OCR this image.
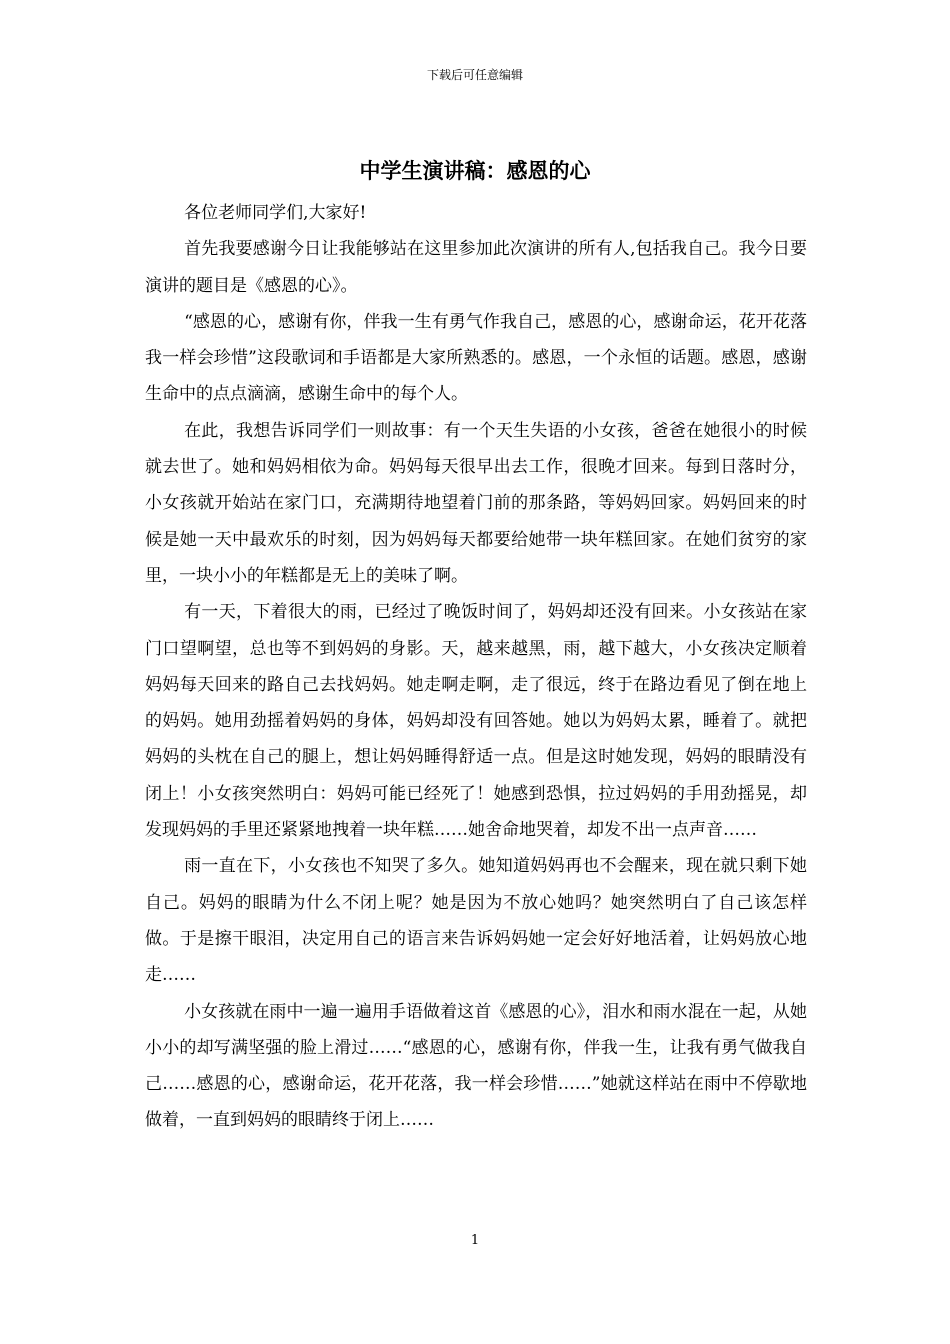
下载后可任意编辑
中学生演讲稿：感恩的心

各位老师同学们,大家好!

首先我要感谢今日让我能够站在这里参加此次演讲的所有人,包括我自己。我今日要演讲的题目是《感恩的心》。

“感恩的心，感谢有你，伴我一生有勇气作我自己，感恩的心，感谢命运，花开花落我一样会珍惜”这段歌词和手语都是大家所熟悉的。感恩，一个永恒的话题。感恩，感谢生命中的点点滴滴，感谢生命中的每个人。

在此，我想告诉同学们一则故事：有一个天生失语的小女孩，爸爸在她很小的时候就去世了。她和妈妈相依为命。妈妈每天很早出去工作，很晚才回来。每到日落时分，小女孩就开始站在家门口，充满期待地望着门前的那条路，等妈妈回家。妈妈回来的时候是她一天中最欢乐的时刻，因为妈妈每天都要给她带一块年糕回家。在她们贫穷的家里，一块小小的年糕都是无上的美味了啊。

有一天，下着很大的雨，已经过了晚饭时间了，妈妈却还没有回来。小女孩站在家门口望啊望，总也等不到妈妈的身影。天，越来越黑，雨，越下越大，小女孩决定顺着妈妈每天回来的路自己去找妈妈。她走啊走啊，走了很远，终于在路边看见了倒在地上的妈妈。她用劲摇着妈妈的身体，妈妈却没有回答她。她以为妈妈太累，睡着了。就把妈妈的头枕在自己的腿上，想让妈妈睡得舒适一点。但是这时她发现，妈妈的眼睛没有闭上！小女孩突然明白：妈妈可能已经死了！她感到恐惧，拉过妈妈的手用劲摇晃，却发现妈妈的手里还紧紧地拽着一块年糕……她舍命地哭着，却发不出一点声音……

雨一直在下，小女孩也不知哭了多久。她知道妈妈再也不会醒来，现在就只剩下她自己。妈妈的眼睛为什么不闭上呢？她是因为不放心她吗？她突然明白了自己该怎样做。于是擦干眼泪，决定用自己的语言来告诉妈妈她一定会好好地活着，让妈妈放心地走……

小女孩就在雨中一遍一遍用手语做着这首《感恩的心》，泪水和雨水混在一起，从她小小的却写满坚强的脸上滑过……“感恩的心，感谢有你，伴我一生，让我有勇气做我自己……感恩的心，感谢命运，花开花落，我一样会珍惜……”她就这样站在雨中不停歇地做着，一直到妈妈的眼睛终于闭上……

1
